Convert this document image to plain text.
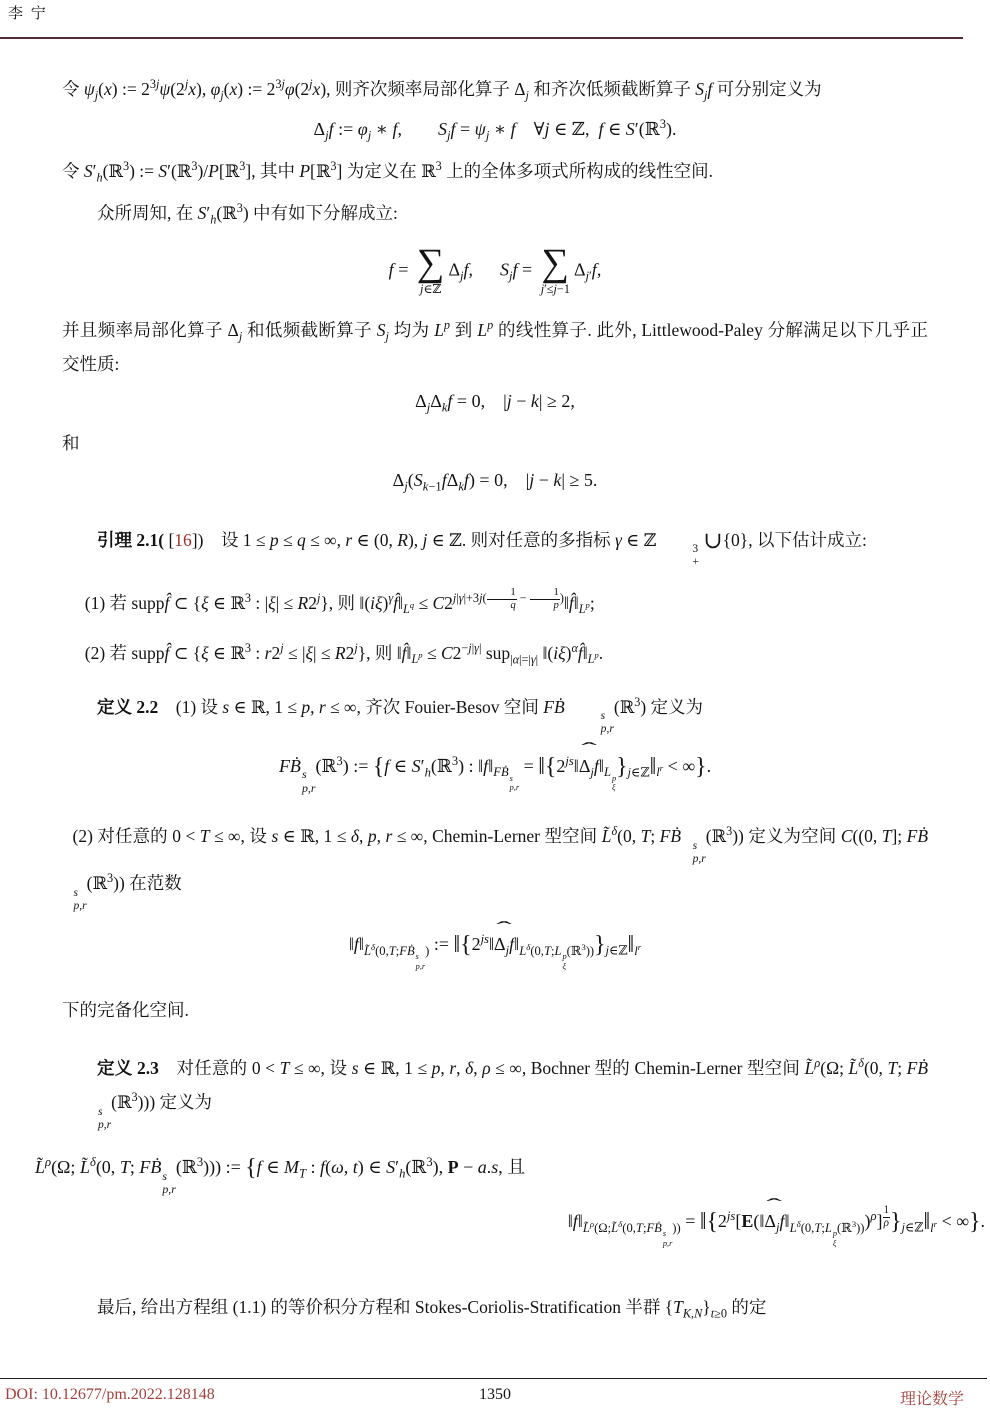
李 宁

令 $\psi_j(x)$ := $2^{3j}\psi(2^jx)$, $\varphi_j(x)$ := $2^{3j}\varphi(2^jx)$, 则齐次频率局部化算子 $\Delta_j$ 和齐次低频截断算子 $S_jf$ 可分别定义为

$\Delta_jf$ := $\varphi_j$ ∗ f,  $S_jf = \psi_j$ ∗ f ∀j ∈ ℤ, f ∈ S′(ℝ$^3$).

令 $S'_h(ℝ^3)$ := S′(ℝ$^3$)/P[ℝ$^3$], 其中 P[ℝ$^3$] 为定义在 ℝ$^3$ 上的全体多项式所构成的线性空间.

众所周知, 在 $S'_h(ℝ^3)$ 中有如下分解成立:

f = ∑
j∈ℤ
$\Delta_jf$,  $S_jf$ = ∑
j′≤j−1
$\Delta_{j'}f$,

并且频率局部化算子 $\Delta_j$ 和低频截断算子 $S_j$ 均为 $L^p$ 到 $L^p$ 的线性算子. 此外, Littlewood-Paley 分解满足以下几乎正交性质:

$\Delta_j\Delta_kf = 0$, |j − k| ≥ 2,

和

$\Delta_j(S_{k-1}f\Delta_kf) = 0$, |j − k| ≥ 5.

引理 2.1( [16]) 设 1 ≤ p ≤ q ≤ ∞, r ∈ (0, R), j ∈ ℤ. 则对任意的多指标 γ ∈ ℤ	3
+
∪{0}, 以下估计成立:

(1) 若 suppf̂ ⊂ {ξ ∈ ℝ$^3$ : $|\xi| \le R2^j$}, 则 $‖(i\xi)^\gamma f̂‖_{L^q}$ ≤ $C2^{j|\gamma|+3j( \frac{1}{q} - \frac{1}{p} )}‖f̂‖_{L^p}$;

(2) 若 suppf̂ ⊂ {ξ ∈ ℝ$^3$ : $r2^j \le |\xi| \le R2^j$}, 则 $‖f̂‖_{L^p} \le C2^{-j|\gamma|}$ sup$_{|\alpha|=|\gamma|}$ $‖(i\xi)^\alpha f̂‖_{L^p}$.

定义 2.2 (1) 设 s ∈ ℝ, 1 ≤ p, r ≤ ∞, 齐次 Fouier-Besov 空间 FḂ	s
p,r
(ℝ$^3$) 定义为

FḂ s
p,r
(ℝ$^3$) := {f ∈ $S'_h(ℝ^3)$ : $‖f‖_{FḂ s p,r}$
= $‖\{2^{js}‖ˆ$ $\Delta_jf‖_{L p \xi}$
}$_{j\in ℤ}‖_{l^r}$ < ∞}.

(2) 对任意的 0 < T ≤ ∞, 设 s ∈ ℝ, 1 ≤ δ, p, r ≤ ∞, Chemin-Lerner 型空间 L̃$^\delta$(0, T; FḂ s
p,r
(ℝ$^3$)) 定义为空间 C((0, T]; FḂ
s
p,r
(ℝ$^3$)) 在范数

$‖f‖_{L̃^\delta(0,T;FḂ s p,r )}$ := $‖\{2^{js}‖ˆ$ $\Delta_jf‖_{L^\delta(0,T;L p \xi (ℝ^3))}\}_{j\in ℤ}‖_{l^r}$

下的完备化空间.

定义 2.3 对任意的 0 < T ≤ ∞, 设 s ∈ ℝ, 1 ≤ p, r, δ, ρ ≤ ∞, Bochner 型的 Chemin-Lerner 型空间 L̃$^\rho$(Ω; L̃$^\delta$(0, T; FḂ
s
p,r
(ℝ$^3$))) 定义为

L̃$^\rho$(Ω; L̃$^\delta$(0, T; FḂ s
p,r
(ℝ$^3$))) := {f ∈ $M_T$ : f(ω, t) ∈ $S'_h(ℝ^3)$, P − a.s, 且
$‖f‖_{L̃^\rho(\Omega;L̃^\delta(0,T;FḂ s p,r ))}$ = $‖\{2^{js}[E(‖ˆ$ $\Delta_jf‖_{L^\delta(0,T;L p \xi (ℝ^3))})^\rho$] $^{\frac{1}{\rho}}$ }$_{j\in ℤ}‖_{l^r}$ < ∞}.

最后, 给出方程组 (1.1) 的等价积分方程和 Stokes-Coriolis-Stratification 半群 $\{T_{K,N}\}_{t\ge 0}$ 的定

DOI: 10.12677/pm.2022.128148	1350	理论数学
